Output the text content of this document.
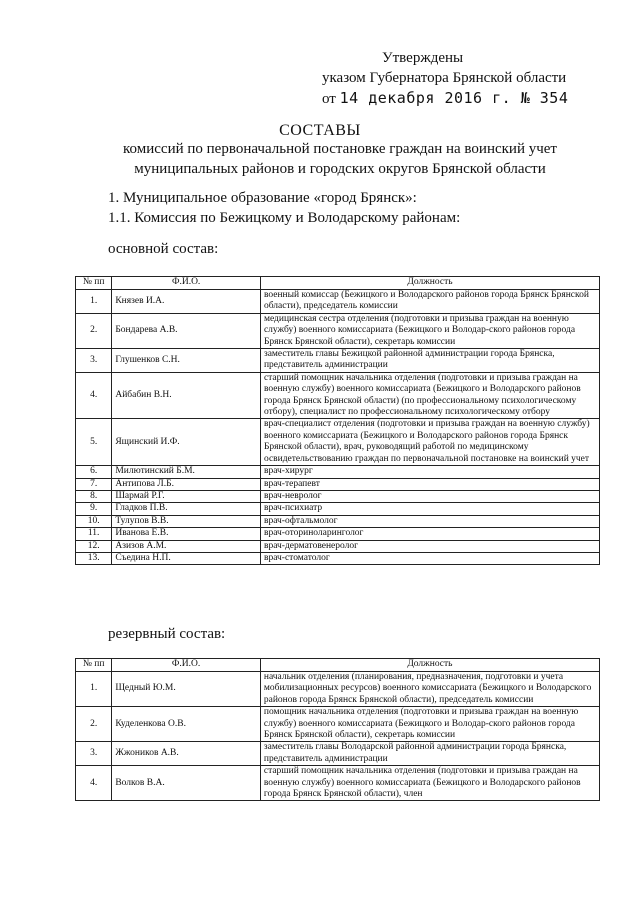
Утверждены
указом Губернатора Брянской области
от 14 декабря 2016 г. № 354
СОСТАВЫ
комиссий по первоначальной постановке граждан на воинский учет
муниципальных районов и городских округов Брянской области
1. Муниципальное образование «город Брянск»:
1.1. Комиссия по Бежицкому и Володарскому районам:
основной состав:
№ пп	Ф.И.О.	Должность
1.	Князев И.А.	военный комиссар (Бежицкого и Володарского районов города Брянск Брянской области), председатель комиссии
2.	Бондарева А.В.	медицинская сестра отделения (подготовки и призыва граждан на военную службу) военного комиссариата (Бежицкого и Володар-ского районов города Брянск Брянской области), секретарь комиссии
3.	Глушенков С.Н.	заместитель главы Бежицкой районной администрации города Брянска, представитель администрации
4.	Айбабин В.Н.	старший помощник начальника отделения (подготовки и призыва граждан на военную службу) военного комиссариата (Бежицкого и Володарского районов города Брянск Брянской области) (по профессиональному психологическому отбору), специалист по профессиональному психологическому отбору
5.	Ящинский И.Ф.	врач-специалист отделения (подготовки и призыва граждан на военную службу) военного комиссариата (Бежицкого и Володарского районов города Брянск Брянской области), врач, руководящий работой по медицинскому освидетельствованию граждан по первоначальной постановке на воинский учет
6.	Милютинский Б.М.	врач-хирург
7.	Антипова Л.Б.	врач-терапевт
8.	Шармай Р.Г.	врач-невролог
9.	Гладков П.В.	врач-психиатр
10.	Тулупов В.В.	врач-офтальмолог
11.	Иванова Е.В.	врач-оториноларинголог
12.	Азизов А.М.	врач-дерматовенеролог
13.	Съедина Н.П.	врач-стоматолог
резервный состав:
№ пп	Ф.И.О.	Должность
1.	Щедный Ю.М.	начальник отделения (планирования, предназначения, подготовки и учета мобилизационных ресурсов) военного комиссариата (Бежицкого и Володарского районов города Брянск Брянской области), председатель комиссии
2.	Куделенкова О.В.	помощник начальника отделения (подготовки и призыва граждан на военную службу) военного комиссариата (Бежицкого и Володар-ского районов города Брянск Брянской области), секретарь комиссии
3.	Жжоников А.В.	заместитель главы Володарской районной администрации города Брянска, представитель администрации
4.	Волков В.А.	старший помощник начальника отделения (подготовки и призыва граждан на военную службу) военного комиссариата (Бежицкого и Володарского районов города Брянск Брянской области), член
